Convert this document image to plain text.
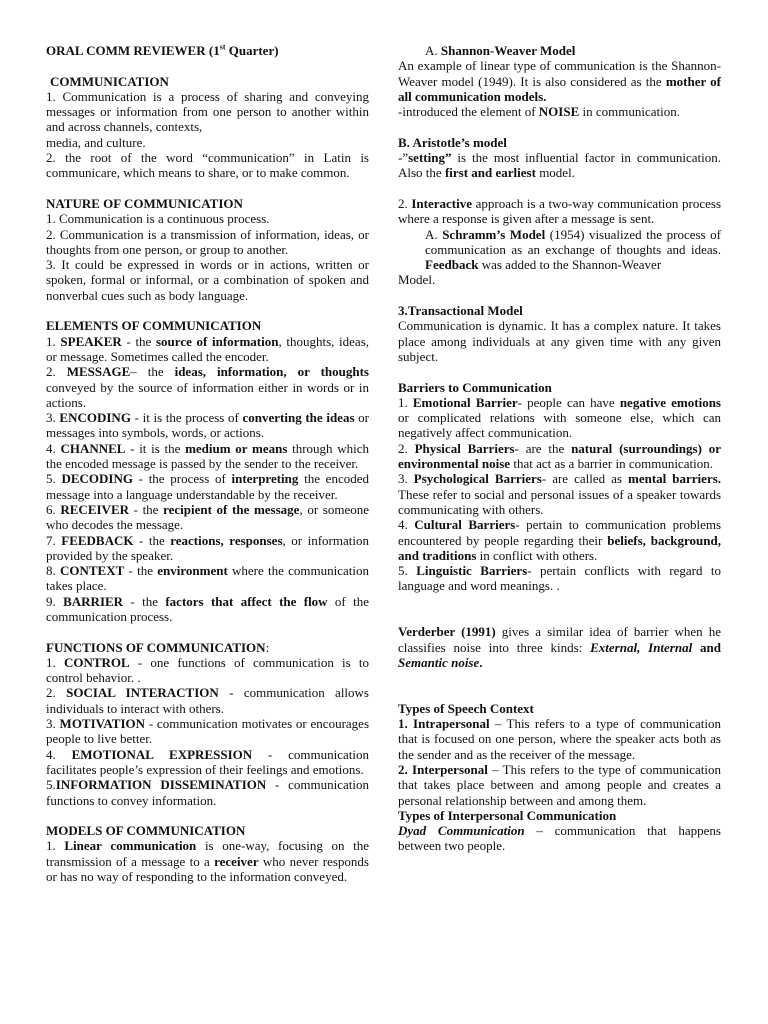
ORAL COMM REVIEWER (1st Quarter)

COMMUNICATION

1. Communication is a process of sharing and conveying messages or information from one person to another within and across channels, contexts,

media, and culture.

2. the root of the word “communication” in Latin is communicare, which means to share, or to make common.

NATURE OF COMMUNICATION

1. Communication is a continuous process.

2. Communication is a transmission of information, ideas, or thoughts from one person, or group to another.

3. It could be expressed in words or in actions, written or spoken, formal or informal, or a combination of spoken and nonverbal cues such as body language.

ELEMENTS OF COMMUNICATION

1. SPEAKER - the source of information, thoughts, ideas, or message. Sometimes called the encoder.

2. MESSAGE– the ideas, information, or thoughts conveyed by the source of information either in words or in actions.

3. ENCODING - it is the process of converting the ideas or messages into symbols, words, or actions.

4. CHANNEL - it is the medium or means through which the encoded message is passed by the sender to the receiver.

5. DECODING - the process of interpreting the encoded message into a language understandable by the receiver.

6. RECEIVER - the recipient of the message, or someone who decodes the message.

7. FEEDBACK - the reactions, responses, or information provided by the speaker.

8. CONTEXT - the environment where the communication takes place.

9. BARRIER - the factors that affect the flow of the communication process.

FUNCTIONS OF COMMUNICATION:

1. CONTROL - one functions of communication is to control behavior. .

2. SOCIAL INTERACTION - communication allows individuals to interact with others.

3. MOTIVATION - communication motivates or encourages people to live better.

4. EMOTIONAL EXPRESSION - communication facilitates people’s expression of their feelings and emotions.

5.INFORMATION DISSEMINATION - communication functions to convey information.

MODELS OF COMMUNICATION

1. Linear communication is one-way, focusing on the transmission of a message to a receiver who never responds or has no way of responding to the information conveyed.

A. Shannon-Weaver Model

An example of linear type of communication is the Shannon-Weaver model (1949). It is also considered as the mother of all communication models.

-introduced the element of NOISE in communication.

B. Aristotle’s model

-”setting” is the most influential factor in communication. Also the first and earliest model.

2. Interactive approach is a two-way communication process where a response is given after a message is sent.

A. Schramm’s Model (1954) visualized the process of communication as an exchange of thoughts and ideas. Feedback was added to the Shannon-Weaver

Model.

3.Transactional Model

Communication is dynamic. It has a complex nature. It takes place among individuals at any given time with any given subject.

Barriers to Communication

1. Emotional Barrier- people can have negative emotions or complicated relations with someone else, which can negatively affect communication.

2. Physical Barriers- are the natural (surroundings) or environmental noise that act as a barrier in communication.

3. Psychological Barriers- are called as mental barriers. These refer to social and personal issues of a speaker towards communicating with others.

4. Cultural Barriers- pertain to communication problems encountered by people regarding their beliefs, background, and traditions in conflict with others.

5. Linguistic Barriers- pertain conflicts with regard to language and word meanings. .

Verderber (1991) gives a similar idea of barrier when he classifies noise into three kinds: External, Internal and Semantic noise.

Types of Speech Context

1. Intrapersonal – This refers to a type of communication that is focused on one person, where the speaker acts both as the sender and as the receiver of the message.

2. Interpersonal – This refers to the type of communication that takes place between and among people and creates a personal relationship between and among them.

Types of Interpersonal Communication

Dyad Communication – communication that happens between two people.
